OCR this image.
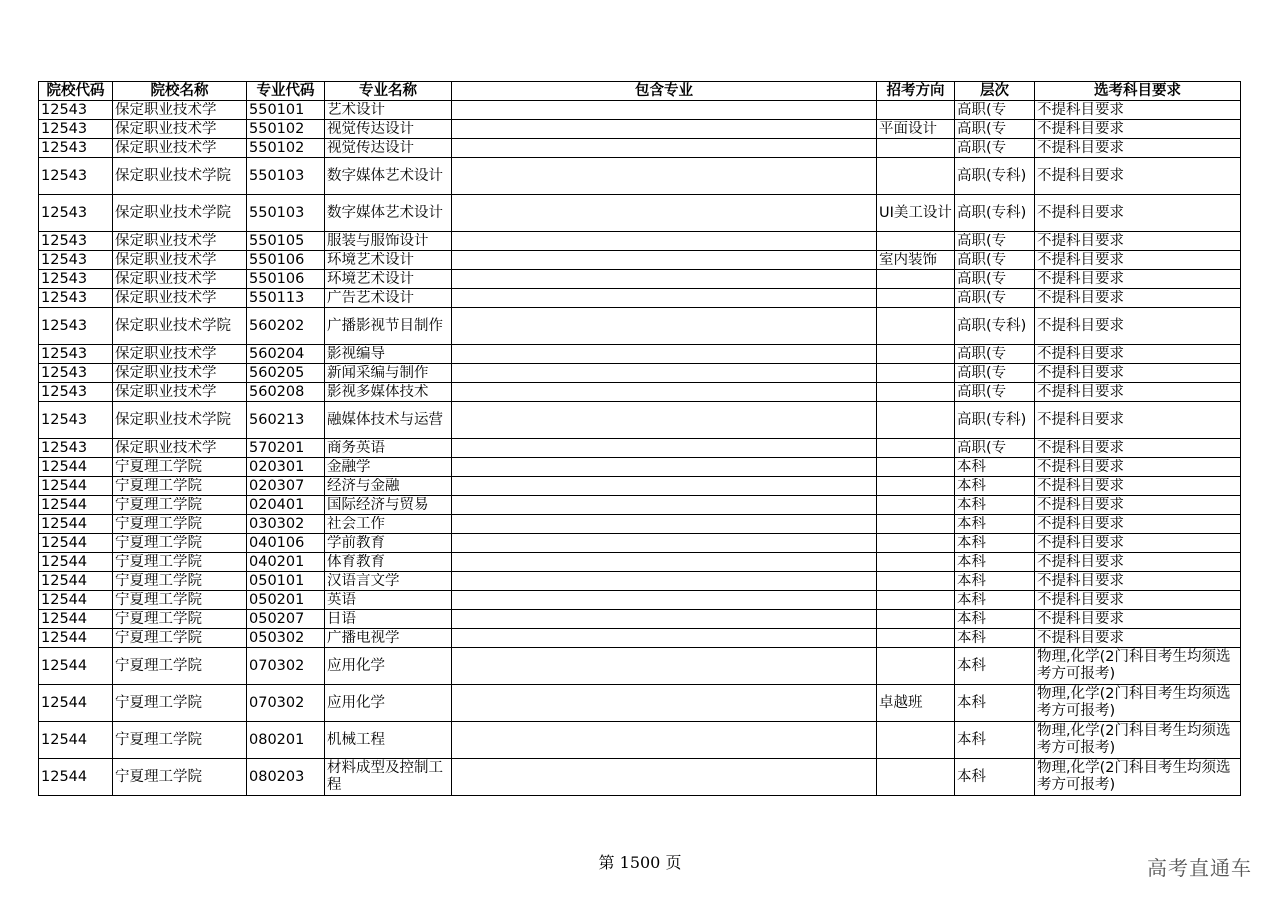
院校代码	院校名称	专业代码	专业名称	包含专业	招考方向	层次	选考科目要求

12543	保定职业技术学	550101	艺术设计			高职(专	不提科目要求

12543	保定职业技术学	550102	视觉传达设计		平面设计	高职(专	不提科目要求

12543	保定职业技术学	550102	视觉传达设计			高职(专	不提科目要求

12543	保定职业技术学院	550103	数字媒体艺术设计			高职(专科)	不提科目要求
12543	保定职业技术学院	550103	数字媒体艺术设计		UI美工设计	高职(专科)	不提科目要求

12543	保定职业技术学	550105	服装与服饰设计			高职(专	不提科目要求

12543	保定职业技术学	550106	环境艺术设计		室内装饰	高职(专	不提科目要求

12543	保定职业技术学	550106	环境艺术设计			高职(专	不提科目要求

12543	保定职业技术学	550113	广告艺术设计			高职(专	不提科目要求

12543	保定职业技术学院	560202	广播影视节目制作			高职(专科)	不提科目要求

12543	保定职业技术学	560204	影视编导			高职(专	不提科目要求

12543	保定职业技术学	560205	新闻采编与制作			高职(专	不提科目要求

12543	保定职业技术学	560208	影视多媒体技术			高职(专	不提科目要求

12543	保定职业技术学院	560213	融媒体技术与运营			高职(专科)	不提科目要求

12543	保定职业技术学	570201	商务英语			高职(专	不提科目要求

12544	宁夏理工学院	020301	金融学			本科	不提科目要求

12544	宁夏理工学院	020307	经济与金融			本科	不提科目要求

12544	宁夏理工学院	020401	国际经济与贸易			本科	不提科目要求

12544	宁夏理工学院	030302	社会工作			本科	不提科目要求

12544	宁夏理工学院	040106	学前教育			本科	不提科目要求

12544	宁夏理工学院	040201	体育教育			本科	不提科目要求

12544	宁夏理工学院	050101	汉语言文学			本科	不提科目要求

12544	宁夏理工学院	050201	英语			本科	不提科目要求

12544	宁夏理工学院	050207	日语			本科	不提科目要求

12544	宁夏理工学院	050302	广播电视学			本科	不提科目要求

12544	宁夏理工学院	070302	应用化学			本科	物理,化学(2门科目考生均须选考方可报考)
12544	宁夏理工学院	070302	应用化学		卓越班	本科	物理,化学(2门科目考生均须选考方可报考)
12544	宁夏理工学院	080201	机械工程			本科	物理,化学(2门科目考生均须选考方可报考)
12544	宁夏理工学院	080203	材料成型及控制工程			本科	物理,化学(2门科目考生均须选考方可报考)
第 1500 页	高考直通车
